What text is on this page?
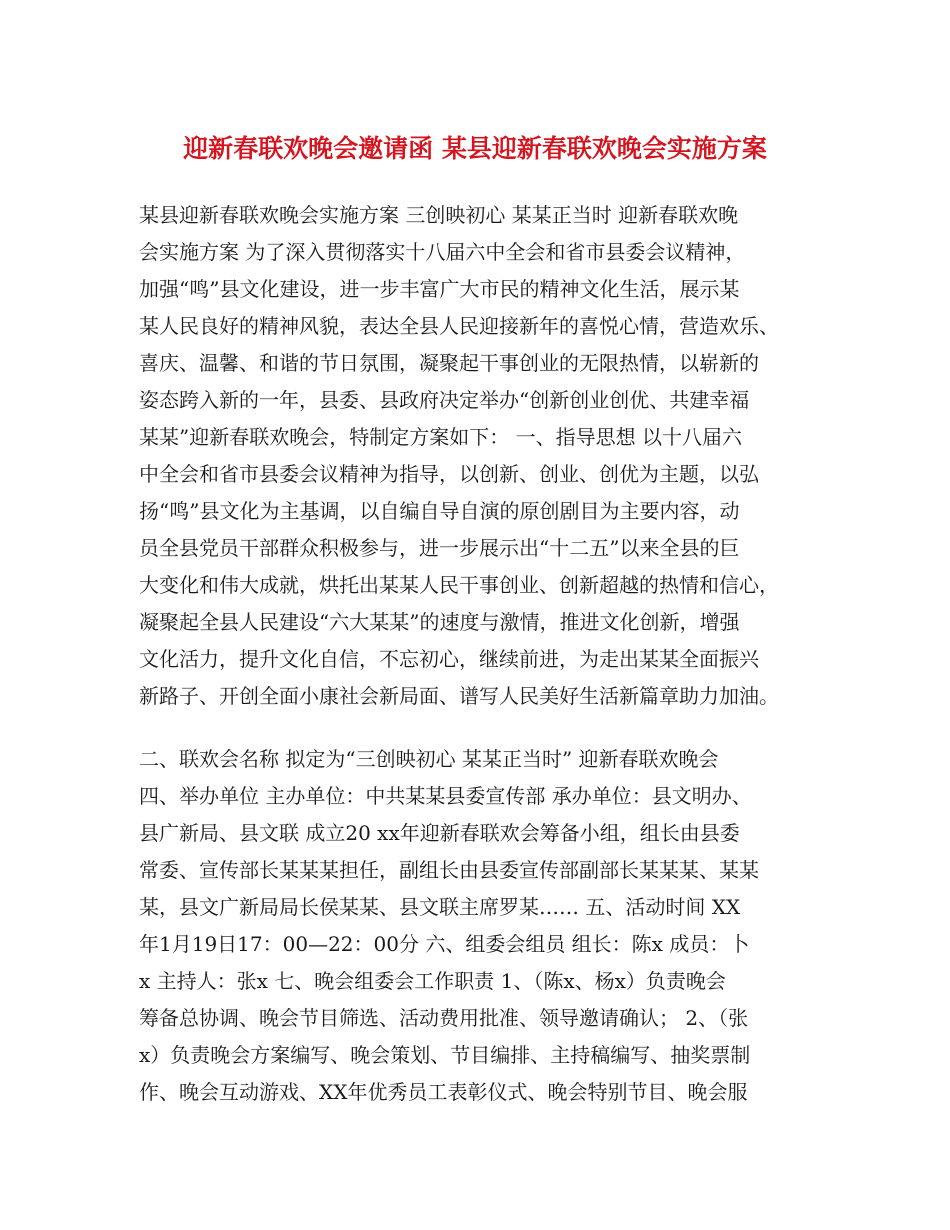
迎新春联欢晚会邀请函 某县迎新春联欢晚会实施方案
某县迎新春联欢晚会实施方案 三创映初心 某某正当时 迎新春联欢晚
会实施方案 为了深入贯彻落实十八届六中全会和省市县委会议精神，
加强“鸣”县文化建设，进一步丰富广大市民的精神文化生活，展示某
某人民良好的精神风貌，表达全县人民迎接新年的喜悦心情，营造欢乐、
喜庆、温馨、和谐的节日氛围，凝聚起干事创业的无限热情，以崭新的
姿态跨入新的一年，县委、县政府决定举办“创新创业创优、共建幸福
某某”迎新春联欢晚会，特制定方案如下： 一、指导思想 以十八届六
中全会和省市县委会议精神为指导，以创新、创业、创优为主题，以弘
扬“鸣”县文化为主基调，以自编自导自演的原创剧目为主要内容，动
员全县党员干部群众积极参与，进一步展示出“十二五”以来全县的巨
大变化和伟大成就，烘托出某某人民干事创业、创新超越的热情和信心，
凝聚起全县人民建设“六大某某”的速度与激情，推进文化创新，增强
文化活力，提升文化自信，不忘初心，继续前进，为走出某某全面振兴
新路子、开创全面小康社会新局面、谱写人民美好生活新篇章助力加油。
二、联欢会名称 拟定为“三创映初心 某某正当时” 迎新春联欢晚会
四、举办单位 主办单位：中共某某县委宣传部 承办单位：县文明办、
县广新局、县文联 成立20 xx年迎新春联欢会筹备小组，组长由县委
常委、宣传部长某某某担任，副组长由县委宣传部副部长某某某、某某
某，县文广新局局长侯某某、县文联主席罗某…… 五、活动时间 XX
年1月19日17：00—22：00分 六、组委会组员 组长：陈x 成员：卜
x 主持人：张x 七、晚会组委会工作职责 1、（陈x、杨x）负责晚会
筹备总协调、晚会节目筛选、活动费用批准、领导邀请确认； 2、（张
x）负责晚会方案编写、晚会策划、节目编排、主持稿编写、抽奖票制
作、晚会互动游戏、XX年优秀员工表彰仪式、晚会特别节目、晚会服
